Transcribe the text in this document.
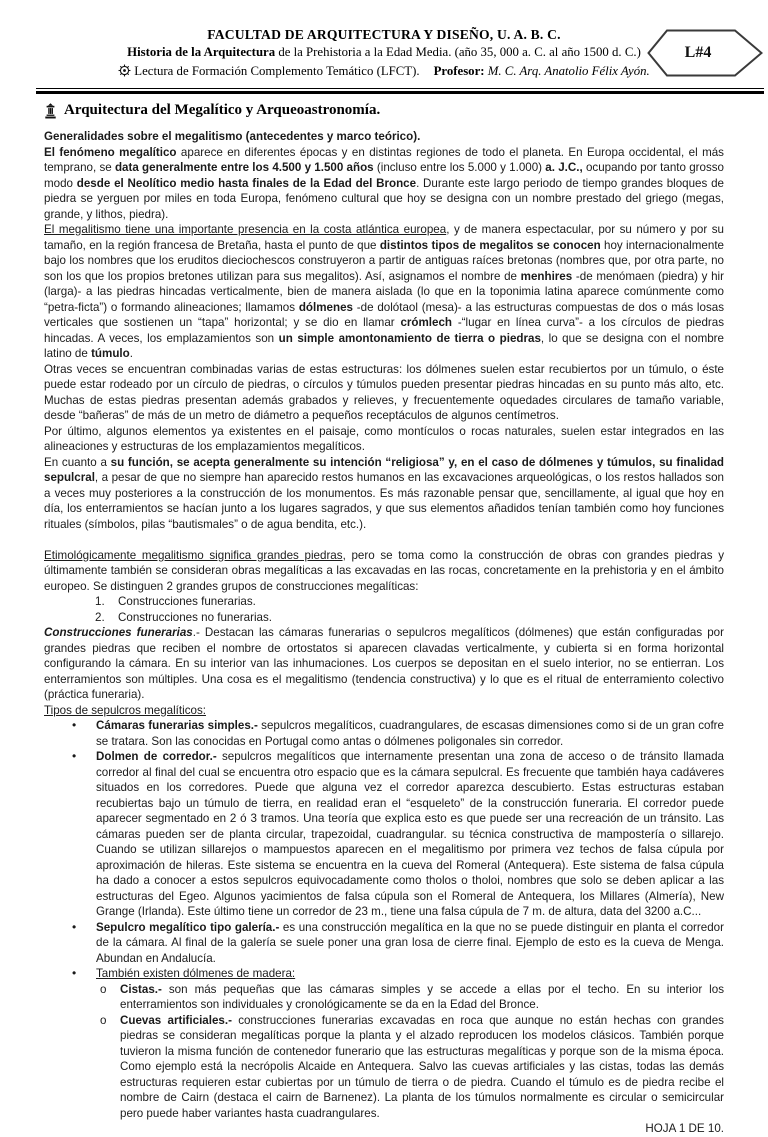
L#4
FACULTAD DE ARQUITECTURA Y DISEÑO, U. A. B. C.
Historia de la Arquitectura de la Prehistoria a la Edad Media. (año 35, 000 a. C. al año 1500 d. C.)
Lectura de Formación Complemento Temático (LFCT). Profesor: M. C. Arq. Anatolio Félix Ayón.
Arquitectura del Megalítico y Arqueoastronomía.
Generalidades sobre el megalitismo (antecedentes y marco teórico).
El fenómeno megalítico aparece en diferentes épocas y en distintas regiones de todo el planeta. En Europa occidental, el más temprano, se data generalmente entre los 4.500 y 1.500 años (incluso entre los 5.000 y 1.000) a. J.C., ocupando por tanto grosso modo desde el Neolítico medio hasta finales de la Edad del Bronce. Durante este largo periodo de tiempo grandes bloques de piedra se yerguen por miles en toda Europa, fenómeno cultural que hoy se designa con un nombre prestado del griego (megas, grande, y lithos, piedra).
El megalitismo tiene una importante presencia en la costa atlántica europea, y de manera espectacular, por su número y por su tamaño, en la región francesa de Bretaña, hasta el punto de que distintos tipos de megalitos se conocen hoy internacionalmente bajo los nombres que los eruditos dieciochescos construyeron a partir de antiguas raíces bretonas (nombres que, por otra parte, no son los que los propios bretones utilizan para sus megalitos). Así, asignamos el nombre de menhires -de menómaen (piedra) y hir (larga)- a las piedras hincadas verticalmente, bien de manera aislada (lo que en la toponimia latina aparece comúnmente como “petra-ficta”) o formando alineaciones; llamamos dólmenes -de dolótaol (mesa)- a las estructuras compuestas de dos o más losas verticales que sostienen un “tapa” horizontal; y se dio en llamar crómlech -“lugar en línea curva”- a los círculos de piedras hincadas. A veces, los emplazamientos son un simple amontonamiento de tierra o piedras, lo que se designa con el nombre latino de túmulo.
Otras veces se encuentran combinadas varias de estas estructuras: los dólmenes suelen estar recubiertos por un túmulo, o éste puede estar rodeado por un círculo de piedras, o círculos y túmulos pueden presentar piedras hincadas en su punto más alto, etc. Muchas de estas piedras presentan además grabados y relieves, y frecuentemente oquedades circulares de tamaño variable, desde “bañeras” de más de un metro de diámetro a pequeños receptáculos de algunos centímetros.
Por último, algunos elementos ya existentes en el paisaje, como montículos o rocas naturales, suelen estar integrados en las alineaciones y estructuras de los emplazamientos megalíticos.
En cuanto a su función, se acepta generalmente su intención “religiosa” y, en el caso de dólmenes y túmulos, su finalidad sepulcral, a pesar de que no siempre han aparecido restos humanos en las excavaciones arqueológicas, o los restos hallados son a veces muy posteriores a la construcción de los monumentos. Es más razonable pensar que, sencillamente, al igual que hoy en día, los enterramientos se hacían junto a los lugares sagrados, y que sus elementos añadidos tenían también como hoy funciones rituales (símbolos, pilas “bautismales” o de agua bendita, etc.).
Etimológicamente megalitismo significa grandes piedras, pero se toma como la construcción de obras con grandes piedras y últimamente también se consideran obras megalíticas a las excavadas en las rocas, concretamente en la prehistoria y en el ámbito europeo. Se distinguen 2 grandes grupos de construcciones megalíticas:
1.	Construcciones funerarias.
2.	Construcciones no funerarias.
Construcciones funerarias.- Destacan las cámaras funerarias o sepulcros megalíticos (dólmenes) que están configuradas por grandes piedras que reciben el nombre de ortostatos si aparecen clavadas verticalmente, y cubierta si en forma horizontal configurando la cámara. En su interior van las inhumaciones. Los cuerpos se depositan en el suelo interior, no se entierran. Los enterramientos son múltiples. Una cosa es el megalitismo (tendencia constructiva) y lo que es el ritual de enterramiento colectivo (práctica funeraria).
Tipos de sepulcros megalíticos:
•	Cámaras funerarias simples.- sepulcros megalíticos, cuadrangulares, de escasas dimensiones como si de un gran cofre se tratara. Son las conocidas en Portugal como antas o dólmenes poligonales sin corredor.
•	Dolmen de corredor.- sepulcros megalíticos que internamente presentan una zona de acceso o de tránsito llamada corredor al final del cual se encuentra otro espacio que es la cámara sepulcral. Es frecuente que también haya cadáveres situados en los corredores. Puede que alguna vez el corredor aparezca descubierto. Estas estructuras estaban recubiertas bajo un túmulo de tierra, en realidad eran el “esqueleto” de la construcción funeraria. El corredor puede aparecer segmentado en 2 ó 3 tramos. Una teoría que explica esto es que puede ser una recreación de un tránsito. Las cámaras pueden ser de planta circular, trapezoidal, cuadrangular. su técnica constructiva de mampostería o sillarejo. Cuando se utilizan sillarejos o mampuestos aparecen en el megalitismo por primera vez techos de falsa cúpula por aproximación de hileras. Este sistema se encuentra en la cueva del Romeral (Antequera). Este sistema de falsa cúpula ha dado a conocer a estos sepulcros equivocadamente como tholos o tholoi, nombres que solo se deben aplicar a las estructuras del Egeo. Algunos yacimientos de falsa cúpula son el Romeral de Antequera, los Millares (Almería), New Grange (Irlanda). Este último tiene un corredor de 23 m., tiene una falsa cúpula de 7 m. de altura, data del 3200 a.C...
•	Sepulcro megalítico tipo galería.- es una construcción megalítica en la que no se puede distinguir en planta el corredor de la cámara. Al final de la galería se suele poner una gran losa de cierre final. Ejemplo de esto es la cueva de Menga. Abundan en Andalucía.
•	También existen dólmenes de madera:
o	Cistas.- son más pequeñas que las cámaras simples y se accede a ellas por el techo. En su interior los enterramientos son individuales y cronológicamente se da en la Edad del Bronce.
o	Cuevas artificiales.- construcciones funerarias excavadas en roca que aunque no están hechas con grandes piedras se consideran megalíticas porque la planta y el alzado reproducen los modelos clásicos. También porque tuvieron la misma función de contenedor funerario que las estructuras megalíticas y porque son de la misma época. Como ejemplo está la necrópolis Alcaide en Antequera. Salvo las cuevas artificiales y las cistas, todas las demás estructuras requieren estar cubiertas por un túmulo de tierra o de piedra. Cuando el túmulo es de piedra recibe el nombre de Cairn (destaca el cairn de Barnenez). La planta de los túmulos normalmente es circular o semicircular pero puede haber variantes hasta cuadrangulares.
HOJA 1 DE 10.
